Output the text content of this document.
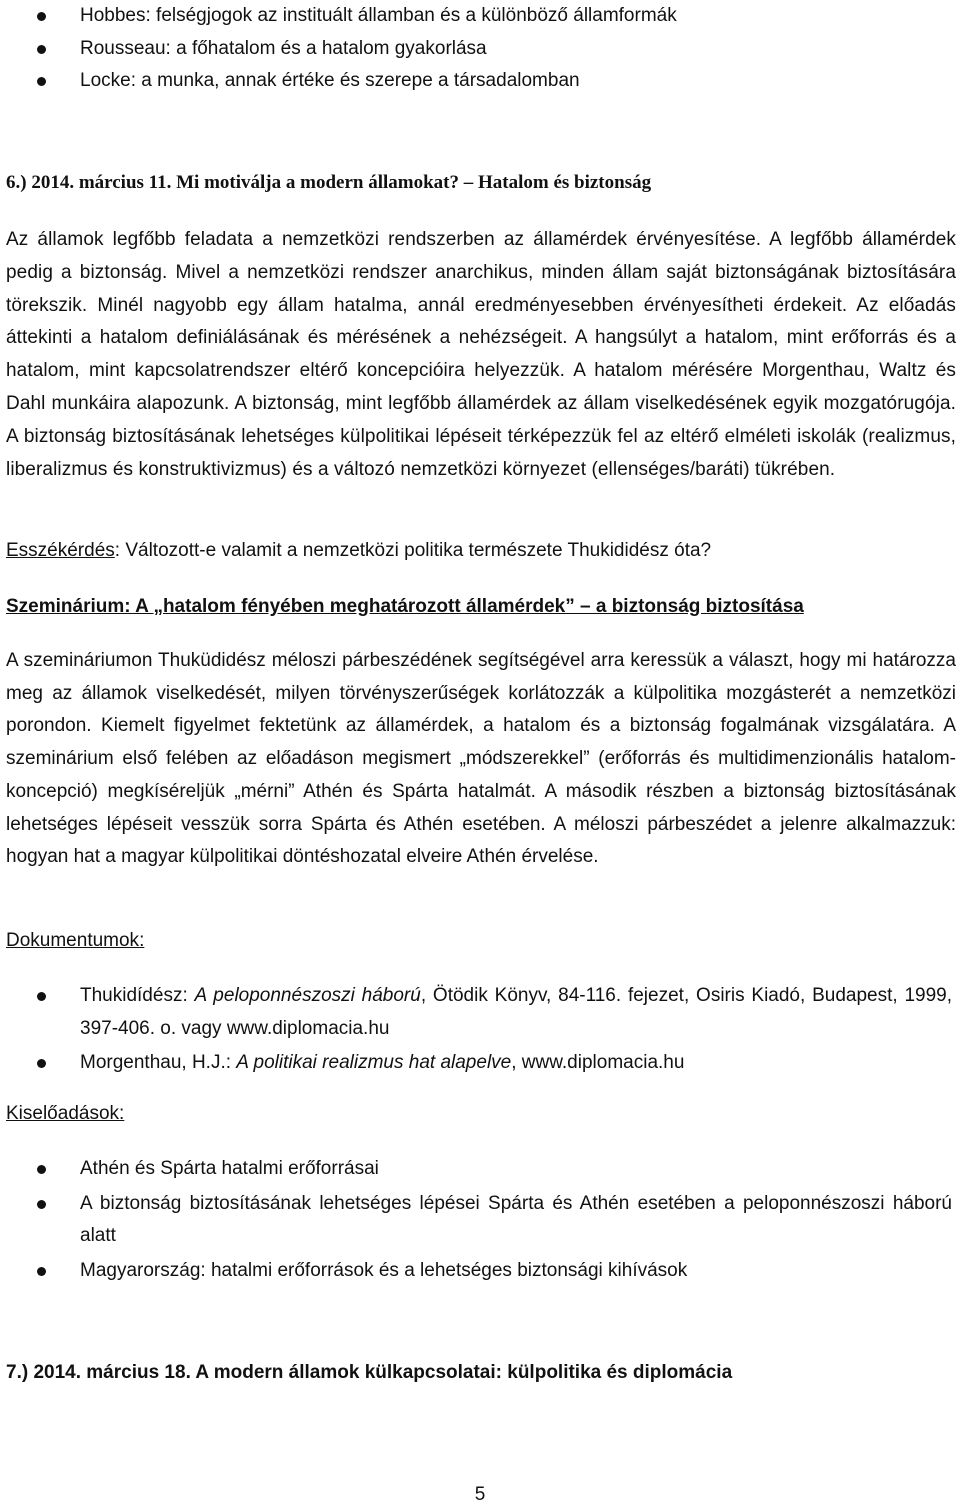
Hobbes: felségjogok az instituált államban és a különböző államformák
Rousseau: a főhatalom és a hatalom gyakorlása
Locke: a munka, annak értéke és szerepe a társadalomban

6.) 2014. március 11. Mi motiválja a modern államokat? – Hatalom és biztonság

Az államok legfőbb feladata a nemzetközi rendszerben az államérdek érvényesítése. A legfőbb államérdek pedig a biztonság. Mivel a nemzetközi rendszer anarchikus, minden állam saját biztonságának biztosítására törekszik. Minél nagyobb egy állam hatalma, annál eredményesebben érvényesítheti érdekeit. Az előadás áttekinti a hatalom definiálásának és mérésének a nehézségeit. A hangsúlyt a hatalom, mint erőforrás és a hatalom, mint kapcsolatrendszer eltérő koncepcióira helyezzük. A hatalom mérésére Morgenthau, Waltz és Dahl munkáira alapozunk. A biztonság, mint legfőbb államérdek az állam viselkedésének egyik mozgatórugója. A biztonság biztosításának lehetséges külpolitikai lépéseit térképezzük fel az eltérő elméleti iskolák (realizmus, liberalizmus és konstruktivizmus) és a változó nemzetközi környezet (ellenséges/baráti) tükrében.

Esszékérdés: Változott-e valamit a nemzetközi politika természete Thukididész óta?

Szeminárium: A „hatalom fényében meghatározott államérdek” – a biztonság biztosítása

A szemináriumon Thuküdidész méloszi párbeszédének segítségével arra keressük a választ, hogy mi határozza meg az államok viselkedését, milyen törvényszerűségek korlátozzák a külpolitika mozgásterét a nemzetközi porondon. Kiemelt figyelmet fektetünk az államérdek, a hatalom és a biztonság fogalmának vizsgálatára. A szeminárium első felében az előadáson megismert „módszerekkel” (erőforrás és multidimenzionális hatalom-koncepció) megkíséreljük „mérni” Athén és Spárta hatalmát. A második részben a biztonság biztosításának lehetséges lépéseit vesszük sorra Spárta és Athén esetében. A méloszi párbeszédet a jelenre alkalmazzuk: hogyan hat a magyar külpolitikai döntéshozatal elveire Athén érvelése.

Dokumentumok:

Thukidídész: A peloponnészoszi háború, Ötödik Könyv, 84-116. fejezet, Osiris Kiadó, Budapest, 1999, 397-406. o. vagy www.diplomacia.hu
Morgenthau, H.J.: A politikai realizmus hat alapelve, www.diplomacia.hu

Kiselőadások:

Athén és Spárta hatalmi erőforrásai
A biztonság biztosításának lehetséges lépései Spárta és Athén esetében a peloponnészoszi háború alatt
Magyarország: hatalmi erőforrások és a lehetséges biztonsági kihívások

7.) 2014. március 18. A modern államok külkapcsolatai: külpolitika és diplomácia

5
